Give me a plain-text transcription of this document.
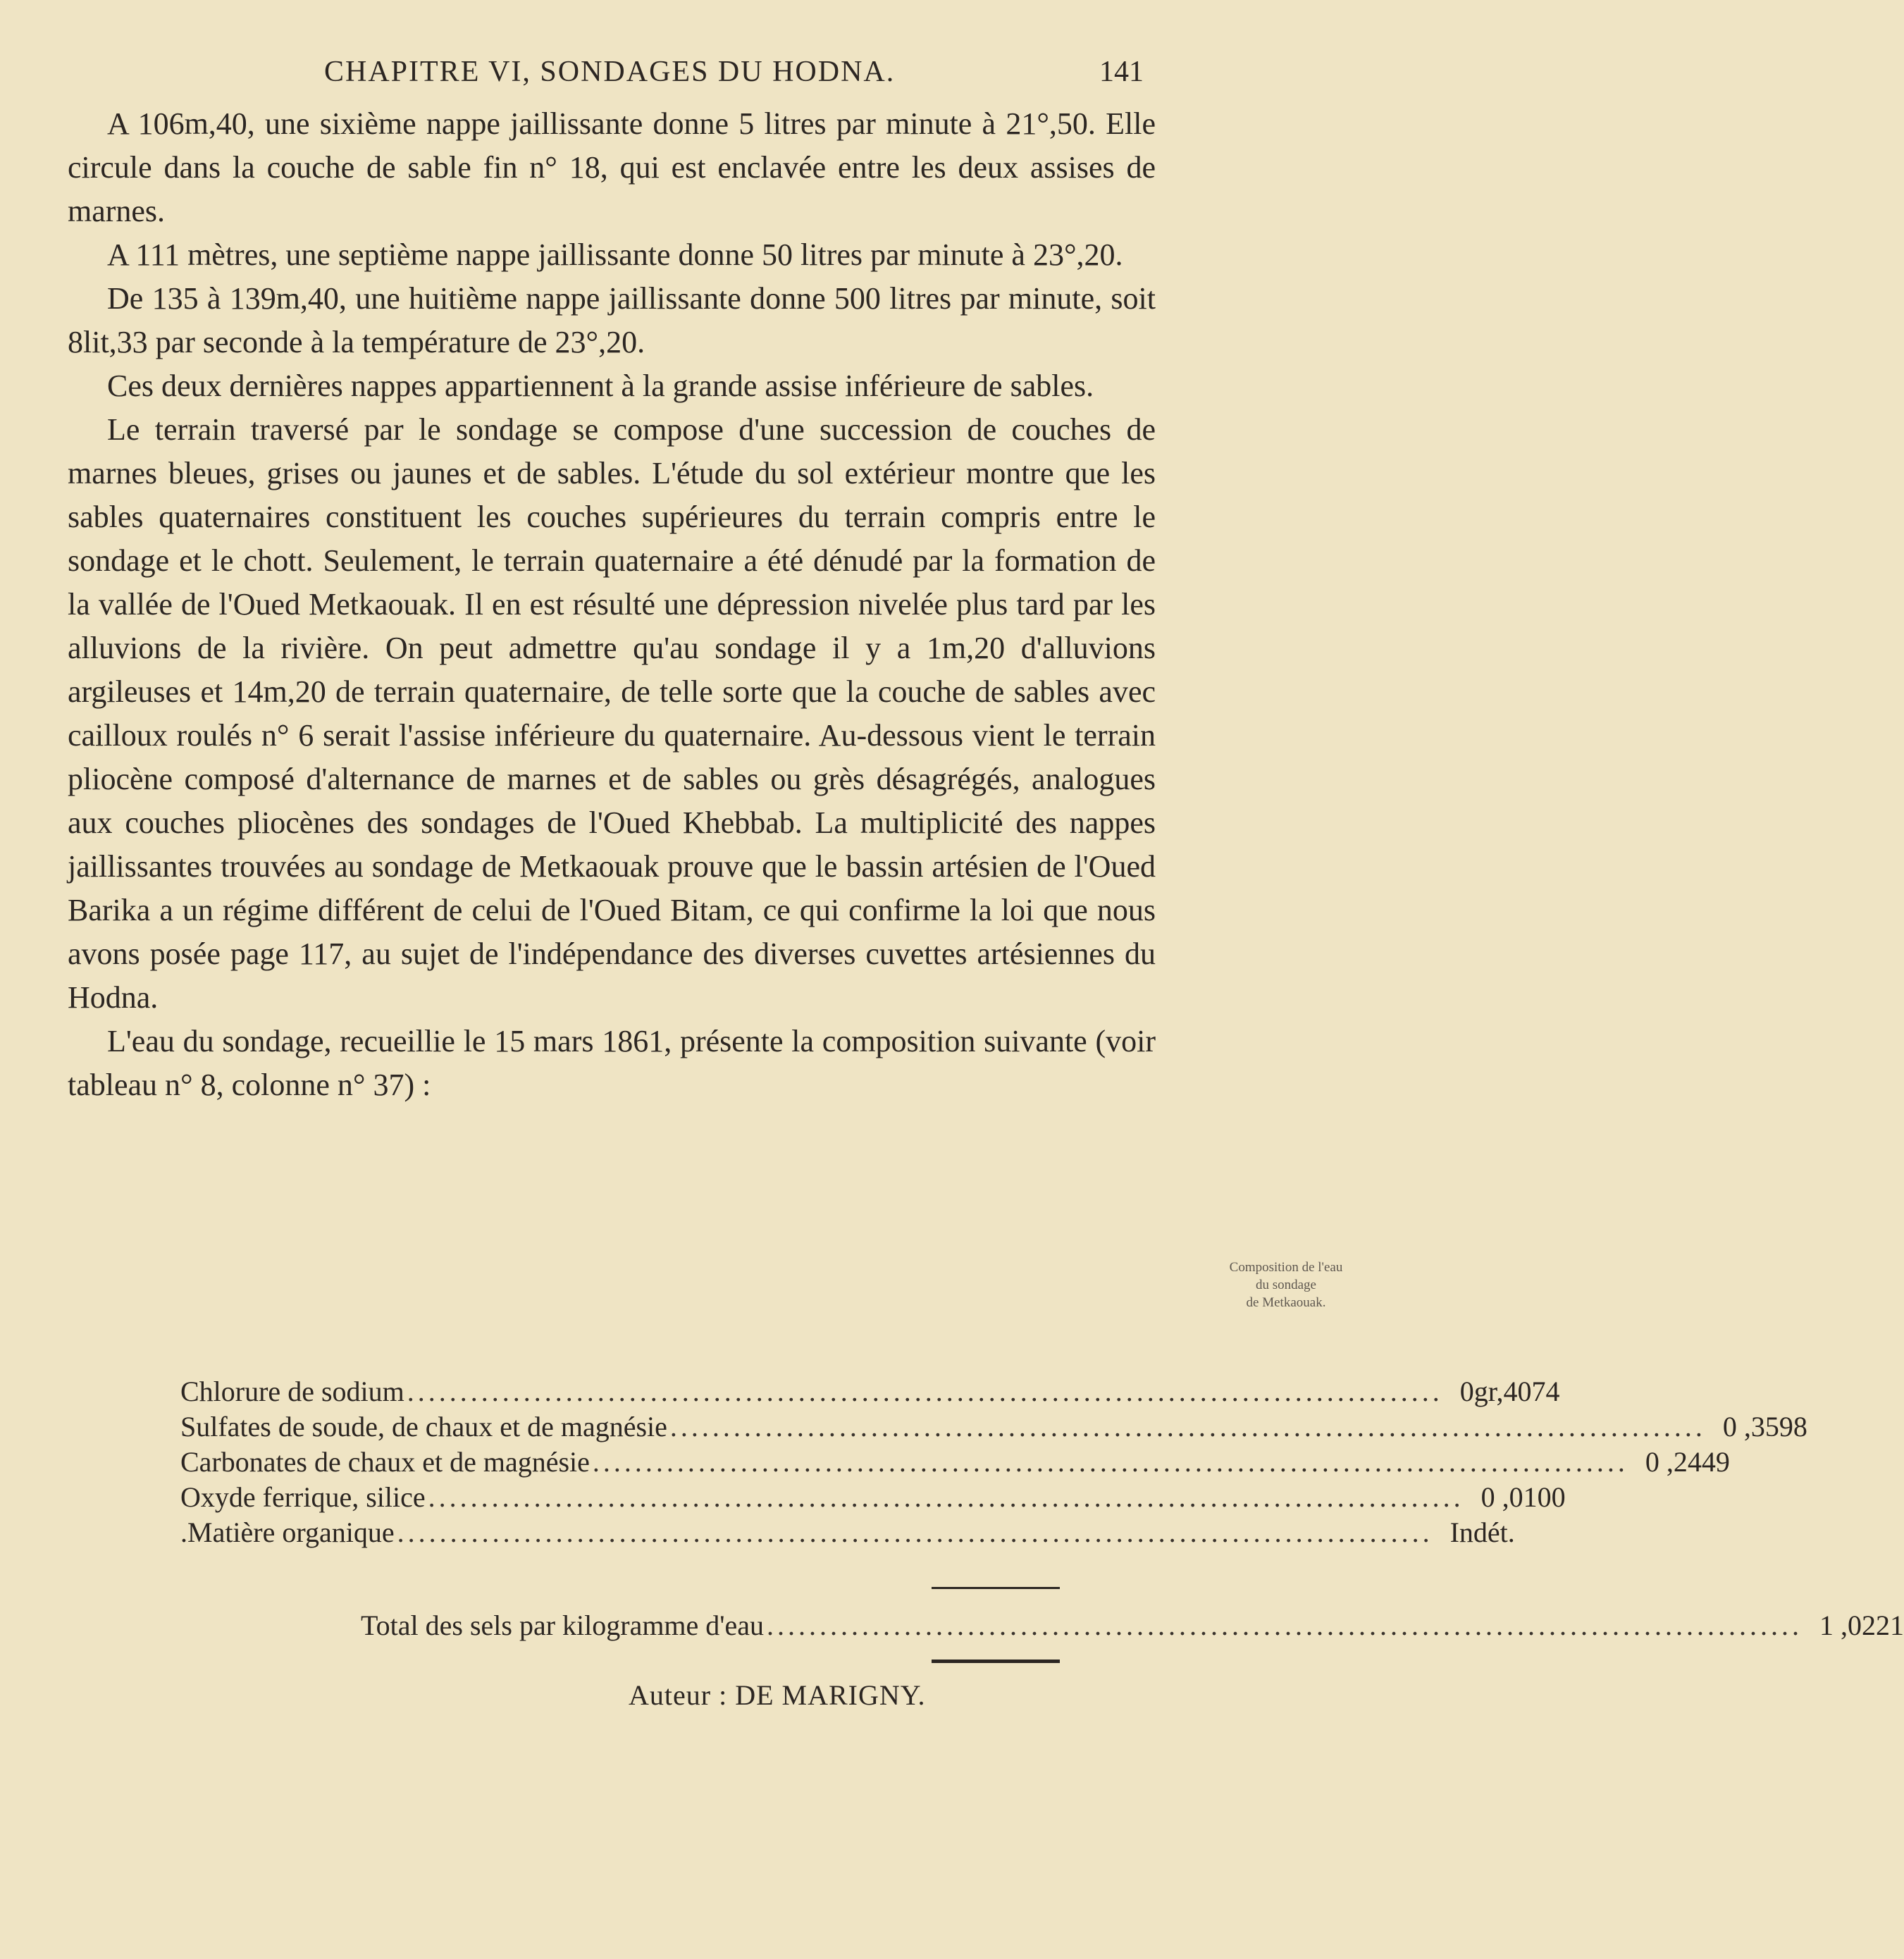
CHAPITRE VI, SONDAGES DU HODNA.	141

A 106m,40, une sixième nappe jaillissante donne 5 litres par minute à 21°,50. Elle circule dans la couche de sable fin n° 18, qui est enclavée entre les deux assises de marnes.

A 111 mètres, une septième nappe jaillissante donne 50 litres par minute à 23°,20.

De 135 à 139m,40, une huitième nappe jaillissante donne 500 litres par minute, soit 8lit,33 par seconde à la température de 23°,20.

Ces deux dernières nappes appartiennent à la grande assise inférieure de sables.

Le terrain traversé par le sondage se compose d'une succession de couches de marnes bleues, grises ou jaunes et de sables. L'étude du sol extérieur montre que les sables quaternaires constituent les couches supérieures du terrain compris entre le sondage et le chott. Seulement, le terrain quaternaire a été dénudé par la formation de la vallée de l'Oued Metkaouak. Il en est résulté une dépression nivelée plus tard par les alluvions de la rivière. On peut admettre qu'au sondage il y a 1m,20 d'alluvions argileuses et 14m,20 de terrain quaternaire, de telle sorte que la couche de sables avec cailloux roulés n° 6 serait l'assise inférieure du quaternaire. Au-dessous vient le terrain pliocène composé d'alternance de marnes et de sables ou grès désagrégés, analogues aux couches pliocènes des sondages de l'Oued Khebbab. La multiplicité des nappes jaillissantes trouvées au sondage de Metkaouak prouve que le bassin artésien de l'Oued Barika a un régime différent de celui de l'Oued Bitam, ce qui confirme la loi que nous avons posée page 117, au sujet de l'indépendance des diverses cuvettes artésiennes du Hodna.

L'eau du sondage, recueillie le 15 mars 1861, présente la composition suivante (voir tableau n° 8, colonne n° 37) :

Composition de l'eau
du sondage
de Metkaouak.
Chlorure de sodium .................................................................................................. 0gr,4074
Sulfates de soude, de chaux et de magnésie .................................................................................................. 0 ,3598
Carbonates de chaux et de magnésie .................................................................................................. 0 ,2449
Oxyde ferrique, silice .................................................................................................. 0 ,0100
.Matière organique .................................................................................................. Indét.
Total des sels par kilogramme d'eau .................................................................................................. 1 ,0221
Auteur : DE MARIGNY.
